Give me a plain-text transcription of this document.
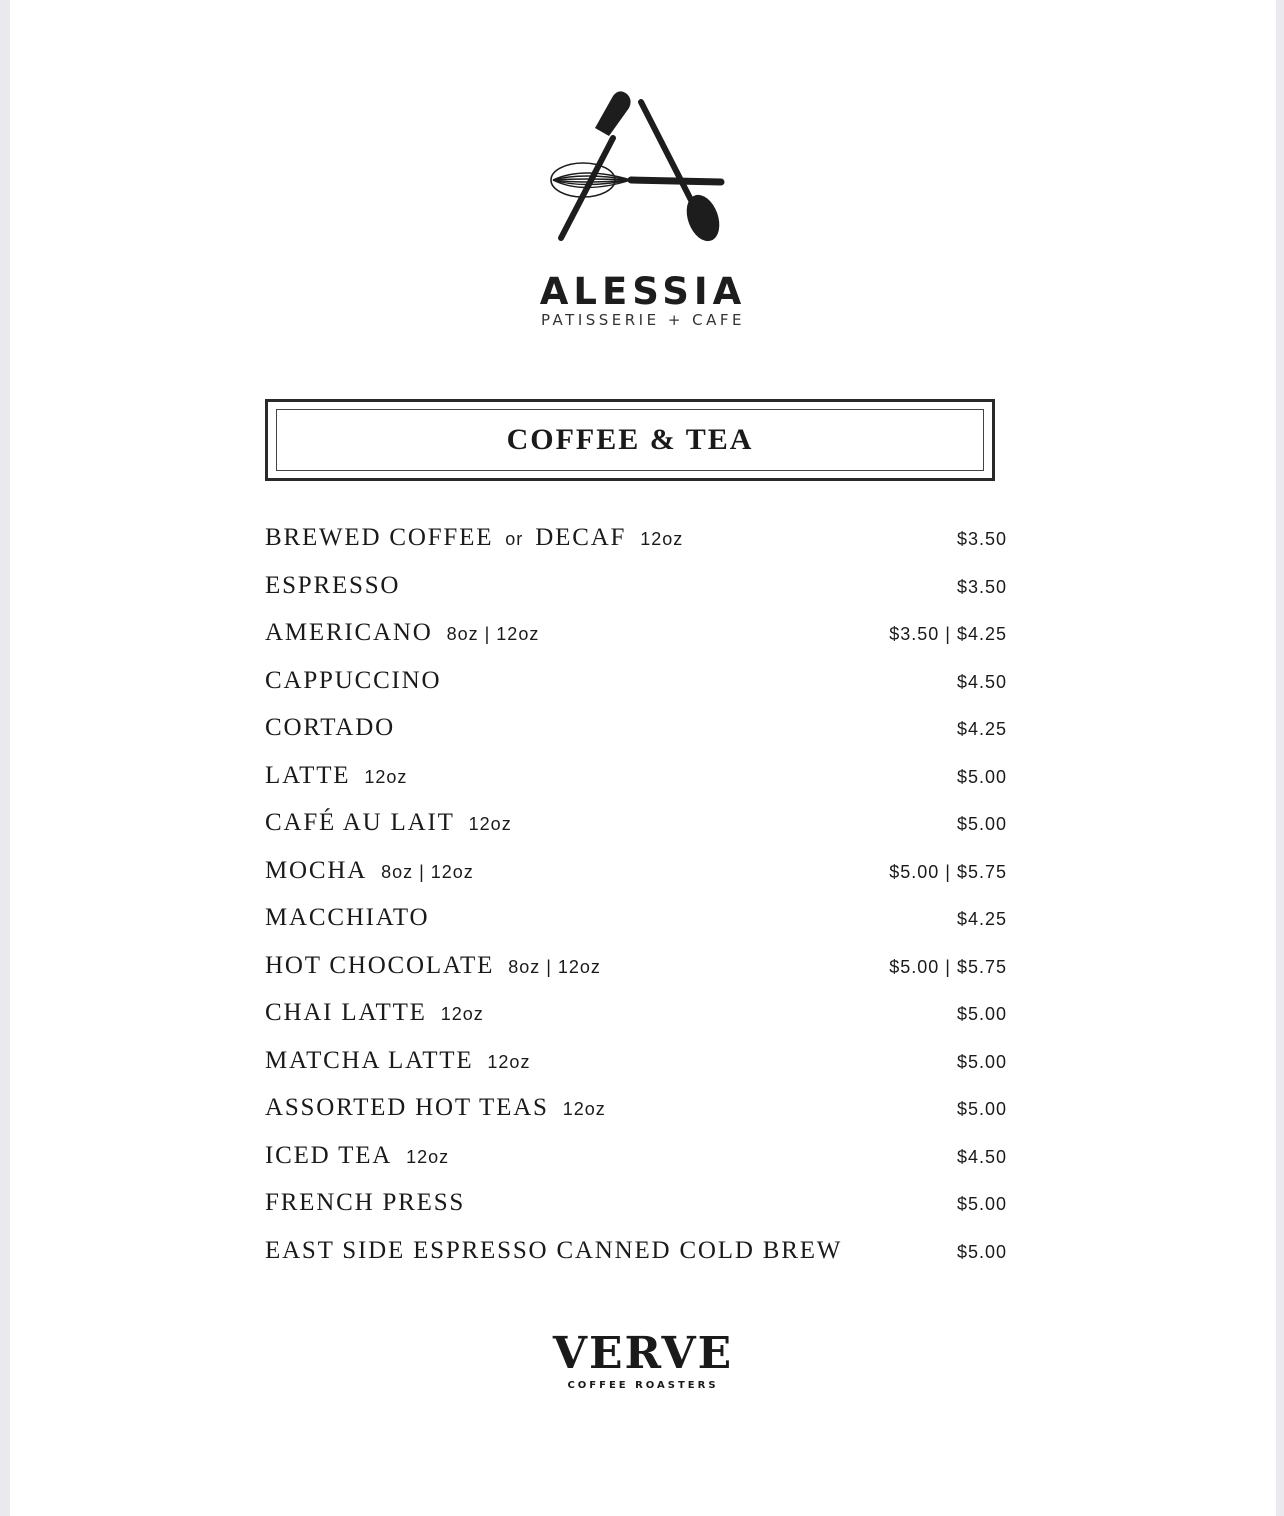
ALESSIA
PATISSERIE + CAFE
COFFEE & TEA
BREWED COFFEE or DECAF 12oz	$3.50
ESPRESSO	$3.50
AMERICANO 8oz | 12oz	$3.50 | $4.25
CAPPUCCINO	$4.50
CORTADO	$4.25
LATTE 12oz	$5.00
CAFÉ AU LAIT 12oz	$5.00
MOCHA 8oz | 12oz	$5.00 | $5.75
MACCHIATO	$4.25
HOT CHOCOLATE 8oz | 12oz	$5.00 | $5.75
CHAI LATTE 12oz	$5.00
MATCHA LATTE 12oz	$5.00
ASSORTED HOT TEAS 12oz	$5.00
ICED TEA 12oz	$4.50
FRENCH PRESS	$5.00
EAST SIDE ESPRESSO CANNED COLD BREW	$5.00
VERVE
COFFEE ROASTERS
